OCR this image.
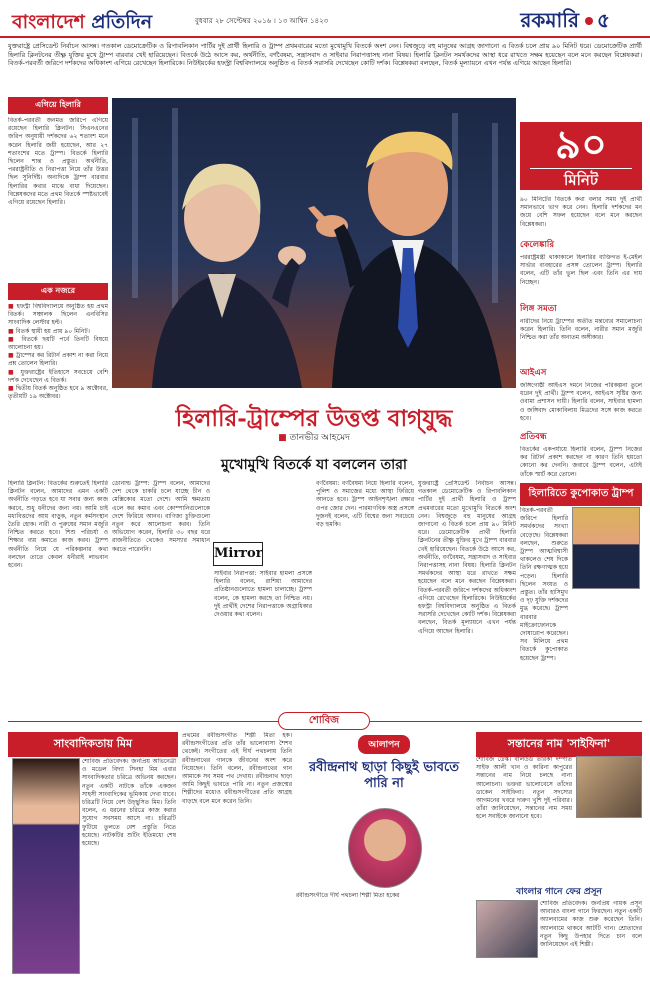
বাংলাদেশ প্রতিদিন	বুধবার ২৮ সেপ্টেম্বর ২০১৬ । ১৩ আশ্বিন ১৪২৩	রকমারি ৫

যুক্তরাষ্ট্রে প্রেসিডেন্ট নির্বাচন আসন্ন। গতকাল ডেমোক্রেটিক ও রিপাবলিকান পার্টির দুই প্রার্থী হিলারি ও ট্রাম্প প্রথমবারের মতো মুখোমুখি বিতর্কে অংশ নেন। বিশ্বজুড়ে বহু মানুষের আগ্রহ জাগানো এ বিতর্ক চলে প্রায় ৯০ মিনিট ধরে। ডেমোক্রেটিক প্রার্থী হিলারি ক্লিনটনের তীক্ষ্ণ যুক্তির মুখে ট্রাম্প বারবার খেই হারিয়েছেন। বিতর্কে উঠে আসে কর, অর্থনীতি, বর্ণবৈষম্য, সন্ত্রাসবাদ ও সাইবার নিরাপত্তাসহ নানা বিষয়। হিলারি ক্লিনটন সমর্থকদের আস্থা ধরে রাখতে সক্ষম হয়েছেন বলে মনে করছেন বিশ্লেষকরা। বিতর্ক-পরবর্তী জরিপে দর্শকদের অধিকাংশ এগিয়ে রেখেছেন হিলারিকে। নিউইয়র্কের হফস্ট্রা বিশ্ববিদ্যালয়ে অনুষ্ঠিত এ বিতর্ক সরাসরি দেখেছেন কোটি দর্শক। বিশ্লেষকরা বলছেন, বিতর্ক মূল্যায়নে এখন পর্যন্ত এগিয়ে আছেন হিলারি।

এগিয়ে হিলারি
বিতর্ক-পরবর্তী জনমত জরিপে এগিয়ে রয়েছেন হিলারি ক্লিনটন। সিএনএনের জরিপ অনুযায়ী দর্শকদের ৬২ শতাংশ মনে করেন হিলারি জয়ী হয়েছেন, আর ২৭ শতাংশের মতে ট্রাম্প। বিতর্কে হিলারি ছিলেন শান্ত ও প্রস্তুত। অর্থনীতি, পররাষ্ট্রনীতি ও নিরাপত্তা নিয়ে তাঁর উত্তর ছিল সুনির্দিষ্ট। অন্যদিকে ট্রাম্প বারবার হিলারির কথার মাঝে বাধা দিয়েছেন। বিশ্লেষকদের মতে প্রথম বিতর্কে স্পষ্টভাবেই এগিয়ে রয়েছেন হিলারি।
এক নজরে
■ হফস্ট্রা বিশ্ববিদ্যালয়ে অনুষ্ঠিত হয় প্রথম বিতর্ক। সঞ্চালক ছিলেন এনবিসির সাংবাদিক লেস্টার হল্ট।
■ বিতর্ক স্থায়ী হয় প্রায় ৯০ মিনিট।
■ বিতর্কে ছয়টি পর্বে তিনটি বিষয়ে আলোচনা হয়।
■ ট্রাম্পের কর রিটার্ন প্রকাশ না করা নিয়ে প্রশ্ন তোলেন হিলারি।
■ যুক্তরাষ্ট্রের ইতিহাসে সবচেয়ে বেশি দর্শক দেখেছেন এ বিতর্ক।
■ দ্বিতীয় বিতর্ক অনুষ্ঠিত হবে ৯ অক্টোবর, তৃতীয়টি ১৯ অক্টোবর।
৯০
মিনিট
৯০ মিনিটের বিতর্কে কথা বলার সময় দুই প্রার্থী সমানভাবে ভাগ করে নেন। হিলারি দর্শকদের মন জয়ে বেশি সফল হয়েছেন বলে মনে করছেন বিশ্লেষকরা।
কেলেঙ্কারি
পররাষ্ট্রমন্ত্রী থাকাকালে হিলারির ব্যক্তিগত ই-মেইল সার্ভার ব্যবহারের প্রসঙ্গ তোলেন ট্রাম্প। হিলারি বলেন, এটি তাঁর ভুল ছিল এবং তিনি এর দায় নিচ্ছেন।
লিঙ্গ সমতা
নারীদের নিয়ে ট্রাম্পের অতীত মন্তব্যের সমালোচনা করেন হিলারি। তিনি বলেন, নারীর সমান মজুরি নিশ্চিত করা তাঁর অন্যতম অঙ্গীকার।
আইএস
জঙ্গিগোষ্ঠী আইএস দমনে নিজের পরিকল্পনা তুলে ধরেন দুই প্রার্থী। ট্রাম্প বলেন, আইএস সৃষ্টির জন্য ওবামা প্রশাসন দায়ী। হিলারি বলেন, সাইবার হামলা ও জঙ্গিবাদ মোকাবিলায় মিত্রদের সঙ্গে কাজ করতে হবে।
প্রতিবন্ধ
বিতর্কের একপর্যায়ে হিলারি বলেন, ট্রাম্প নিজের কর রিটার্ন প্রকাশ করছেন না কারণ তিনি হয়তো কোনো কর দেননি। জবাবে ট্রাম্প বলেন, এটাই তাঁকে স্মার্ট করে তোলে।
হিলারি-ট্রাম্পের উত্তপ্ত বাগ্‌যুদ্ধ
■ তানভীর আহমেদ
মুখোমুখি বিতর্কে যা বললেন তারা
হিলারি ক্লিনটন: বিতর্কের শুরুতেই হিলারি ক্লিনটন বলেন, আমাদের এমন একটি অর্থনীতি গড়তে হবে যা সবার জন্য কাজ করবে, শুধু ধনীদের জন্য নয়। আমি চাই মধ্যবিত্তদের আয় বাড়ুক, নতুন কর্মসংস্থান তৈরি হোক। নারী ও পুরুষের সমান মজুরি নিশ্চিত করতে হবে। শিশু পরিচর্যা ও শিক্ষার ব্যয় কমাতে কাজ করব। ট্রাম্প অর্থনীতি নিয়ে যে পরিকল্পনার কথা বলছেন তাতে কেবল ধনীরাই লাভবান হবেন।
ডোনাল্ড ট্রাম্প: ট্রাম্প বলেন, আমাদের দেশ থেকে চাকরি চলে যাচ্ছে চীন ও মেক্সিকোর মতো দেশে। আমি ক্ষমতায় এলে কর কমাব এবং কোম্পানিগুলোকে দেশে ফিরিয়ে আনব। বাণিজ্য চুক্তিগুলো নতুন করে আলোচনা করব। তিনি অভিযোগ করেন, হিলারি ৩০ বছর ধরে রাজনীতিতে থেকেও সমস্যার সমাধান করতে পারেননি।	Mirror
সাইবার নিরাপত্তা: সাইবার হামলা প্রসঙ্গে হিলারি বলেন, রাশিয়া আমাদের প্রতিষ্ঠানগুলোতে হামলা চালাচ্ছে। ট্রাম্প বলেন, কে হামলা করছে তা নিশ্চিত নয়। দুই প্রার্থীই দেশের নিরাপত্তাকে অগ্রাধিকার দেওয়ার কথা বলেন।
বর্ণবৈষম্য: বর্ণবৈষম্য নিয়ে হিলারি বলেন, পুলিশ ও সমাজের মধ্যে আস্থা ফিরিয়ে আনতে হবে। ট্রাম্প আইনশৃঙ্খলা রক্ষার ওপর জোর দেন। পারমাণবিক অস্ত্র প্রসঙ্গে দুজনই বলেন, এটি বিশ্বের জন্য সবচেয়ে বড় হুমকি।
যুক্তরাষ্ট্রে প্রেসিডেন্ট নির্বাচন আসন্ন। গতকাল ডেমোক্রেটিক ও রিপাবলিকান পার্টির দুই প্রার্থী হিলারি ও ট্রাম্প প্রথমবারের মতো মুখোমুখি বিতর্কে অংশ নেন। বিশ্বজুড়ে বহু মানুষের আগ্রহ জাগানো এ বিতর্ক চলে প্রায় ৯০ মিনিট ধরে। ডেমোক্রেটিক প্রার্থী হিলারি ক্লিনটনের তীক্ষ্ণ যুক্তির মুখে ট্রাম্প বারবার খেই হারিয়েছেন। বিতর্কে উঠে আসে কর, অর্থনীতি, বর্ণবৈষম্য, সন্ত্রাসবাদ ও সাইবার নিরাপত্তাসহ নানা বিষয়। হিলারি ক্লিনটন সমর্থকদের আস্থা ধরে রাখতে সক্ষম হয়েছেন বলে মনে করছেন বিশ্লেষকরা। বিতর্ক-পরবর্তী জরিপে দর্শকদের অধিকাংশ এগিয়ে রেখেছেন হিলারিকে। নিউইয়র্কের হফস্ট্রা বিশ্ববিদ্যালয়ে অনুষ্ঠিত এ বিতর্ক সরাসরি দেখেছেন কোটি দর্শক। বিশ্লেষকরা বলছেন, বিতর্ক মূল্যায়নে এখন পর্যন্ত এগিয়ে আছেন হিলারি।
হিলারিতে কুপোকাত ট্রাম্প
বিতর্ক-পরবর্তী জরিপে হিলারি সমর্থকদের সংখ্যা বেড়েছে। বিশ্লেষকরা বলছেন, শুরুতে ট্রাম্প আত্মবিশ্বাসী থাকলেও শেষ দিকে তিনি রক্ষণাত্মক হয়ে পড়েন। হিলারি ছিলেন সংযত ও প্রস্তুত। তাঁর হাসিমুখ ও দৃঢ় যুক্তি দর্শকদের মুগ্ধ করেছে। ট্রাম্প বারবার মাইক্রোফোনকে দোষারোপ করেছেন। সব মিলিয়ে প্রথম বিতর্কে কুপোকাত হয়েছেন ট্রাম্প।
শোবিজ
সাংবাদিকতায় মিম
শোবিজ প্রতিবেদক। জনপ্রিয় অভিনেত্রী ও মডেল বিদ্যা সিনহা মিম এবার সাংবাদিকতার চরিত্রে অভিনয় করছেন। নতুন একটি নাটকে তাঁকে একজন সাহসী সাংবাদিকের ভূমিকায় দেখা যাবে। চরিত্রটি নিয়ে বেশ উচ্ছ্বসিত মিম। তিনি বলেন, এ ধরনের চরিত্রে কাজ করার সুযোগ সবসময় আসে না। চরিত্রটি ফুটিয়ে তুলতে বেশ প্রস্তুতি নিতে হয়েছে। নাটকটির শুটিং ইতিমধ্যে শেষ হয়েছে।
প্রথমের রবীন্দ্রসংগীত শিল্পী মিতা হক। রবীন্দ্রসংগীতের প্রতি তাঁর ভালোবাসা শৈশব থেকেই। সংগীতের এই দীর্ঘ পথচলায় তিনি রবীন্দ্রনাথের গানকে জীবনের অংশ করে নিয়েছেন। তিনি বলেন, রবীন্দ্রনাথের গান আমাকে সব সময় পথ দেখায়। রবীন্দ্রনাথ ছাড়া আমি কিছুই ভাবতে পারি না। নতুন প্রজন্মের শিল্পীদের মধ্যেও রবীন্দ্রসংগীতের প্রতি আগ্রহ বাড়ছে বলে মনে করেন তিনি।
আলাপন
রবীন্দ্রনাথ ছাড়া কিছুই ভাবতে পারি না
রবীন্দ্রসংগীতে দীর্ঘ পথচলা শিল্পী মিতা হকের
সন্তানের নাম 'সাইফিনা'
শোবিজ ডেস্ক। বলিউড তারকা দম্পতি সাইফ আলী খান ও কারিনা কাপুরের সন্তানের নাম নিয়ে চলছে নানা আলোচনা। ভক্তরা ভালোবেসে তাঁদের ডাকেন সাইফিনা। নতুন সদস্যের আগমনের খবরে দারুণ খুশি দুই পরিবার। তাঁরা জানিয়েছেন, সন্তানের নাম সময় হলে সবাইকে জানানো হবে।
বাংলার গানে ফের প্রসূন
শোবিজ প্রতিবেদক। জনপ্রিয় গায়ক প্রসূন আবারও বাংলা গানে ফিরছেন। নতুন একটি অ্যালবামের কাজ শুরু করেছেন তিনি। অ্যালবামে থাকবে আটটি গান। শ্রোতাদের নতুন কিছু উপহার দিতে চান বলে জানিয়েছেন এই শিল্পী।
